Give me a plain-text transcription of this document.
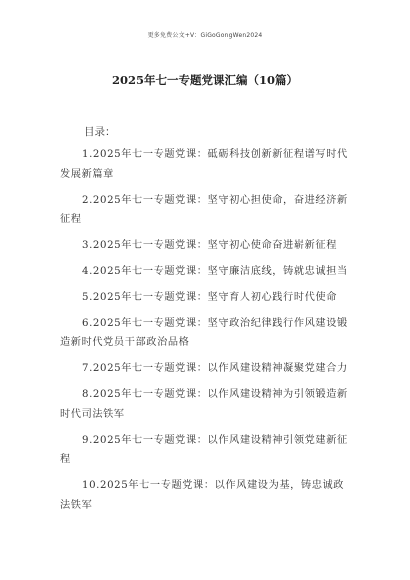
更多免费公文+V：GiGoGongWen2024
2025年七一专题党课汇编（10篇）
目录：
1.2025年七一专题党课：砥砺科技创新新征程谱写时代发展新篇章
2.2025年七一专题党课：坚守初心担使命，奋进经济新征程
3.2025年七一专题党课：坚守初心使命奋进崭新征程
4.2025年七一专题党课：坚守廉洁底线，铸就忠诚担当
5.2025年七一专题党课：坚守育人初心践行时代使命
6.2025年七一专题党课：坚守政治纪律践行作风建设锻造新时代党员干部政治品格
7.2025年七一专题党课：以作风建设精神凝聚党建合力
8.2025年七一专题党课：以作风建设精神为引领锻造新时代司法铁军
9.2025年七一专题党课：以作风建设精神引领党建新征程
10.2025年七一专题党课：以作风建设为基，铸忠诚政法铁军
